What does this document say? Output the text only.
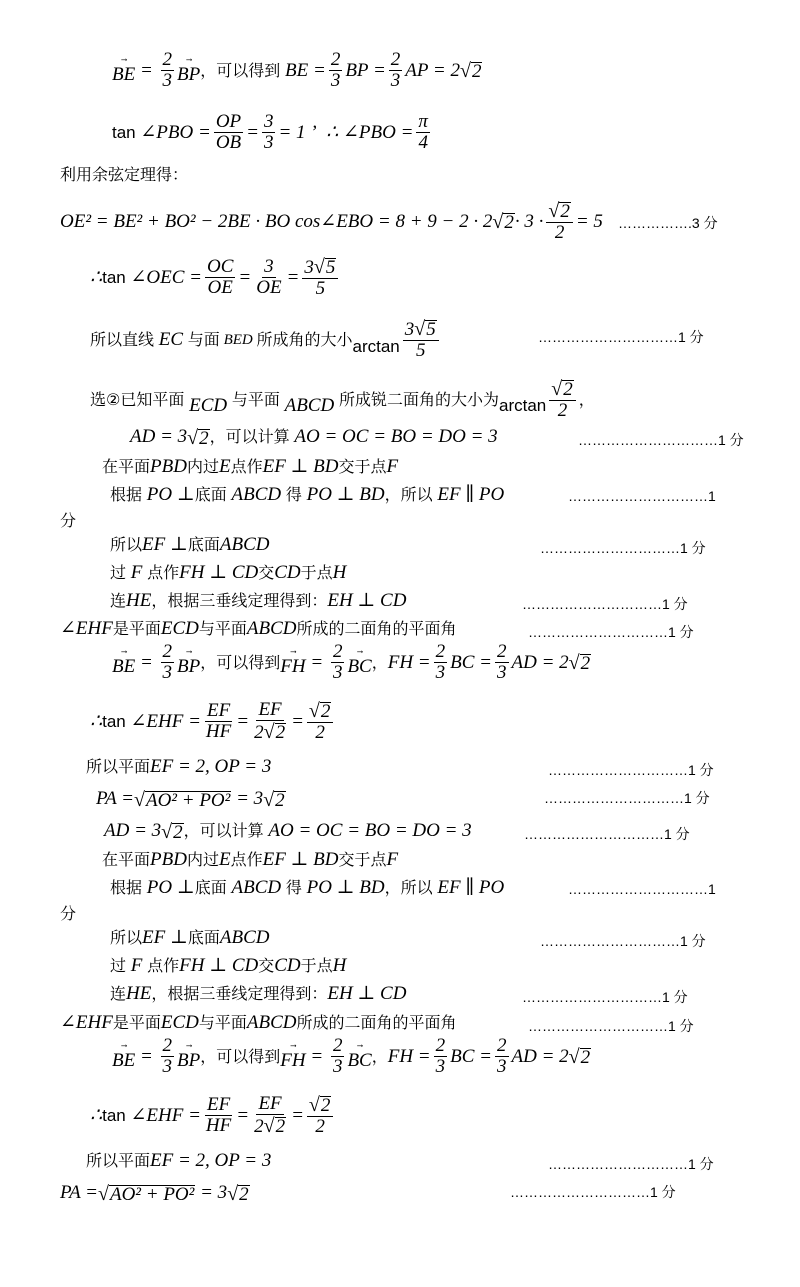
⟶
BE = $\frac{2}{3}$ ⟶
BP ，可以得到 BE = $\frac{2}{3}$ BP = $\frac{2}{3}$ AP = 2 √ 2
tan ∠PBO = $\frac{OP}{OB} = \frac{3}{3} = 1$ ’ ∴ ∠PBO = $\frac{\pi}{4}$
利用余弦定理得：
OE² = BE² + BO² − 2BE · BO cos∠EBO = 8 + 9 − 2 · 2 √ $2 \cdot 3 \cdot \frac{√ 2}{2} = 5$ …………….3 分
∴ tan ∠OEC = $\frac{OC}{OE} = \frac{3}{OE} = \frac{3 √ 5}{5}$
所以直线 EC 与面 BED 所成角的大小 $\arctan \frac{3 √ 5}{5}$	…………………………1 分
选②已知平面 ECD 与平面 ABCD 所成锐二面角的大小为 $\arctan \frac{√ 2}{2}$ ，
AD = 3 √ 2 ，可以计算 AO = OC = BO = DO = 3	…………………………1 分
在平面 PBD 内过 E 点作 EF ⊥ BD 交于点 F
根据 PO ⊥ 底面 ABCD 得 PO ⊥ BD ，所以 EF ∥ PO	…………………………1
分
所以 EF ⊥ 底面 ABCD	…………………………1 分
过 F 点作 FH ⊥ CD 交 CD 于点 H
连 HE ，根据三垂线定理得到： EH ⊥ CD	…………………………1 分
∠EHF 是平面 ECD 与平面 ABCD 所成的二面角的平面角	…………………………1 分
⟶
BE = $\frac{2}{3}$ ⟶
BP ，可以得到
⟶
FH = $\frac{2}{3}$ ⟶
BC ， FH = $\frac{2}{3}$ BC = $\frac{2}{3}$ AD = 2 √ 2
∴ tan ∠EHF = $\frac{EF}{HF} = \frac{EF}{2 √ 2} = \frac{√ 2}{2}$
所以平面 EF = 2, OP = 3	…………………………1 分
PA = √ AO² + PO² = 3 √ 2	…………………………1 分
AD = 3 √ 2 ，可以计算 AO = OC = BO = DO = 3	…………………………1 分
在平面 PBD 内过 E 点作 EF ⊥ BD 交于点 F
根据 PO ⊥ 底面 ABCD 得 PO ⊥ BD ，所以 EF ∥ PO	…………………………1
分
所以 EF ⊥ 底面 ABCD	…………………………1 分
过 F 点作 FH ⊥ CD 交 CD 于点 H
连 HE ，根据三垂线定理得到： EH ⊥ CD	…………………………1 分
∠EHF 是平面 ECD 与平面 ABCD 所成的二面角的平面角	…………………………1 分
⟶
BE = $\frac{2}{3}$ ⟶
BP ，可以得到
⟶
FH = $\frac{2}{3}$ ⟶
BC ， FH = $\frac{2}{3}$ BC = $\frac{2}{3}$ AD = 2 √ 2
∴ tan ∠EHF = $\frac{EF}{HF} = \frac{EF}{2 √ 2} = \frac{√ 2}{2}$
所以平面 EF = 2, OP = 3	…………………………1 分
PA = √ AO² + PO² = 3 √ 2	…………………………1 分
